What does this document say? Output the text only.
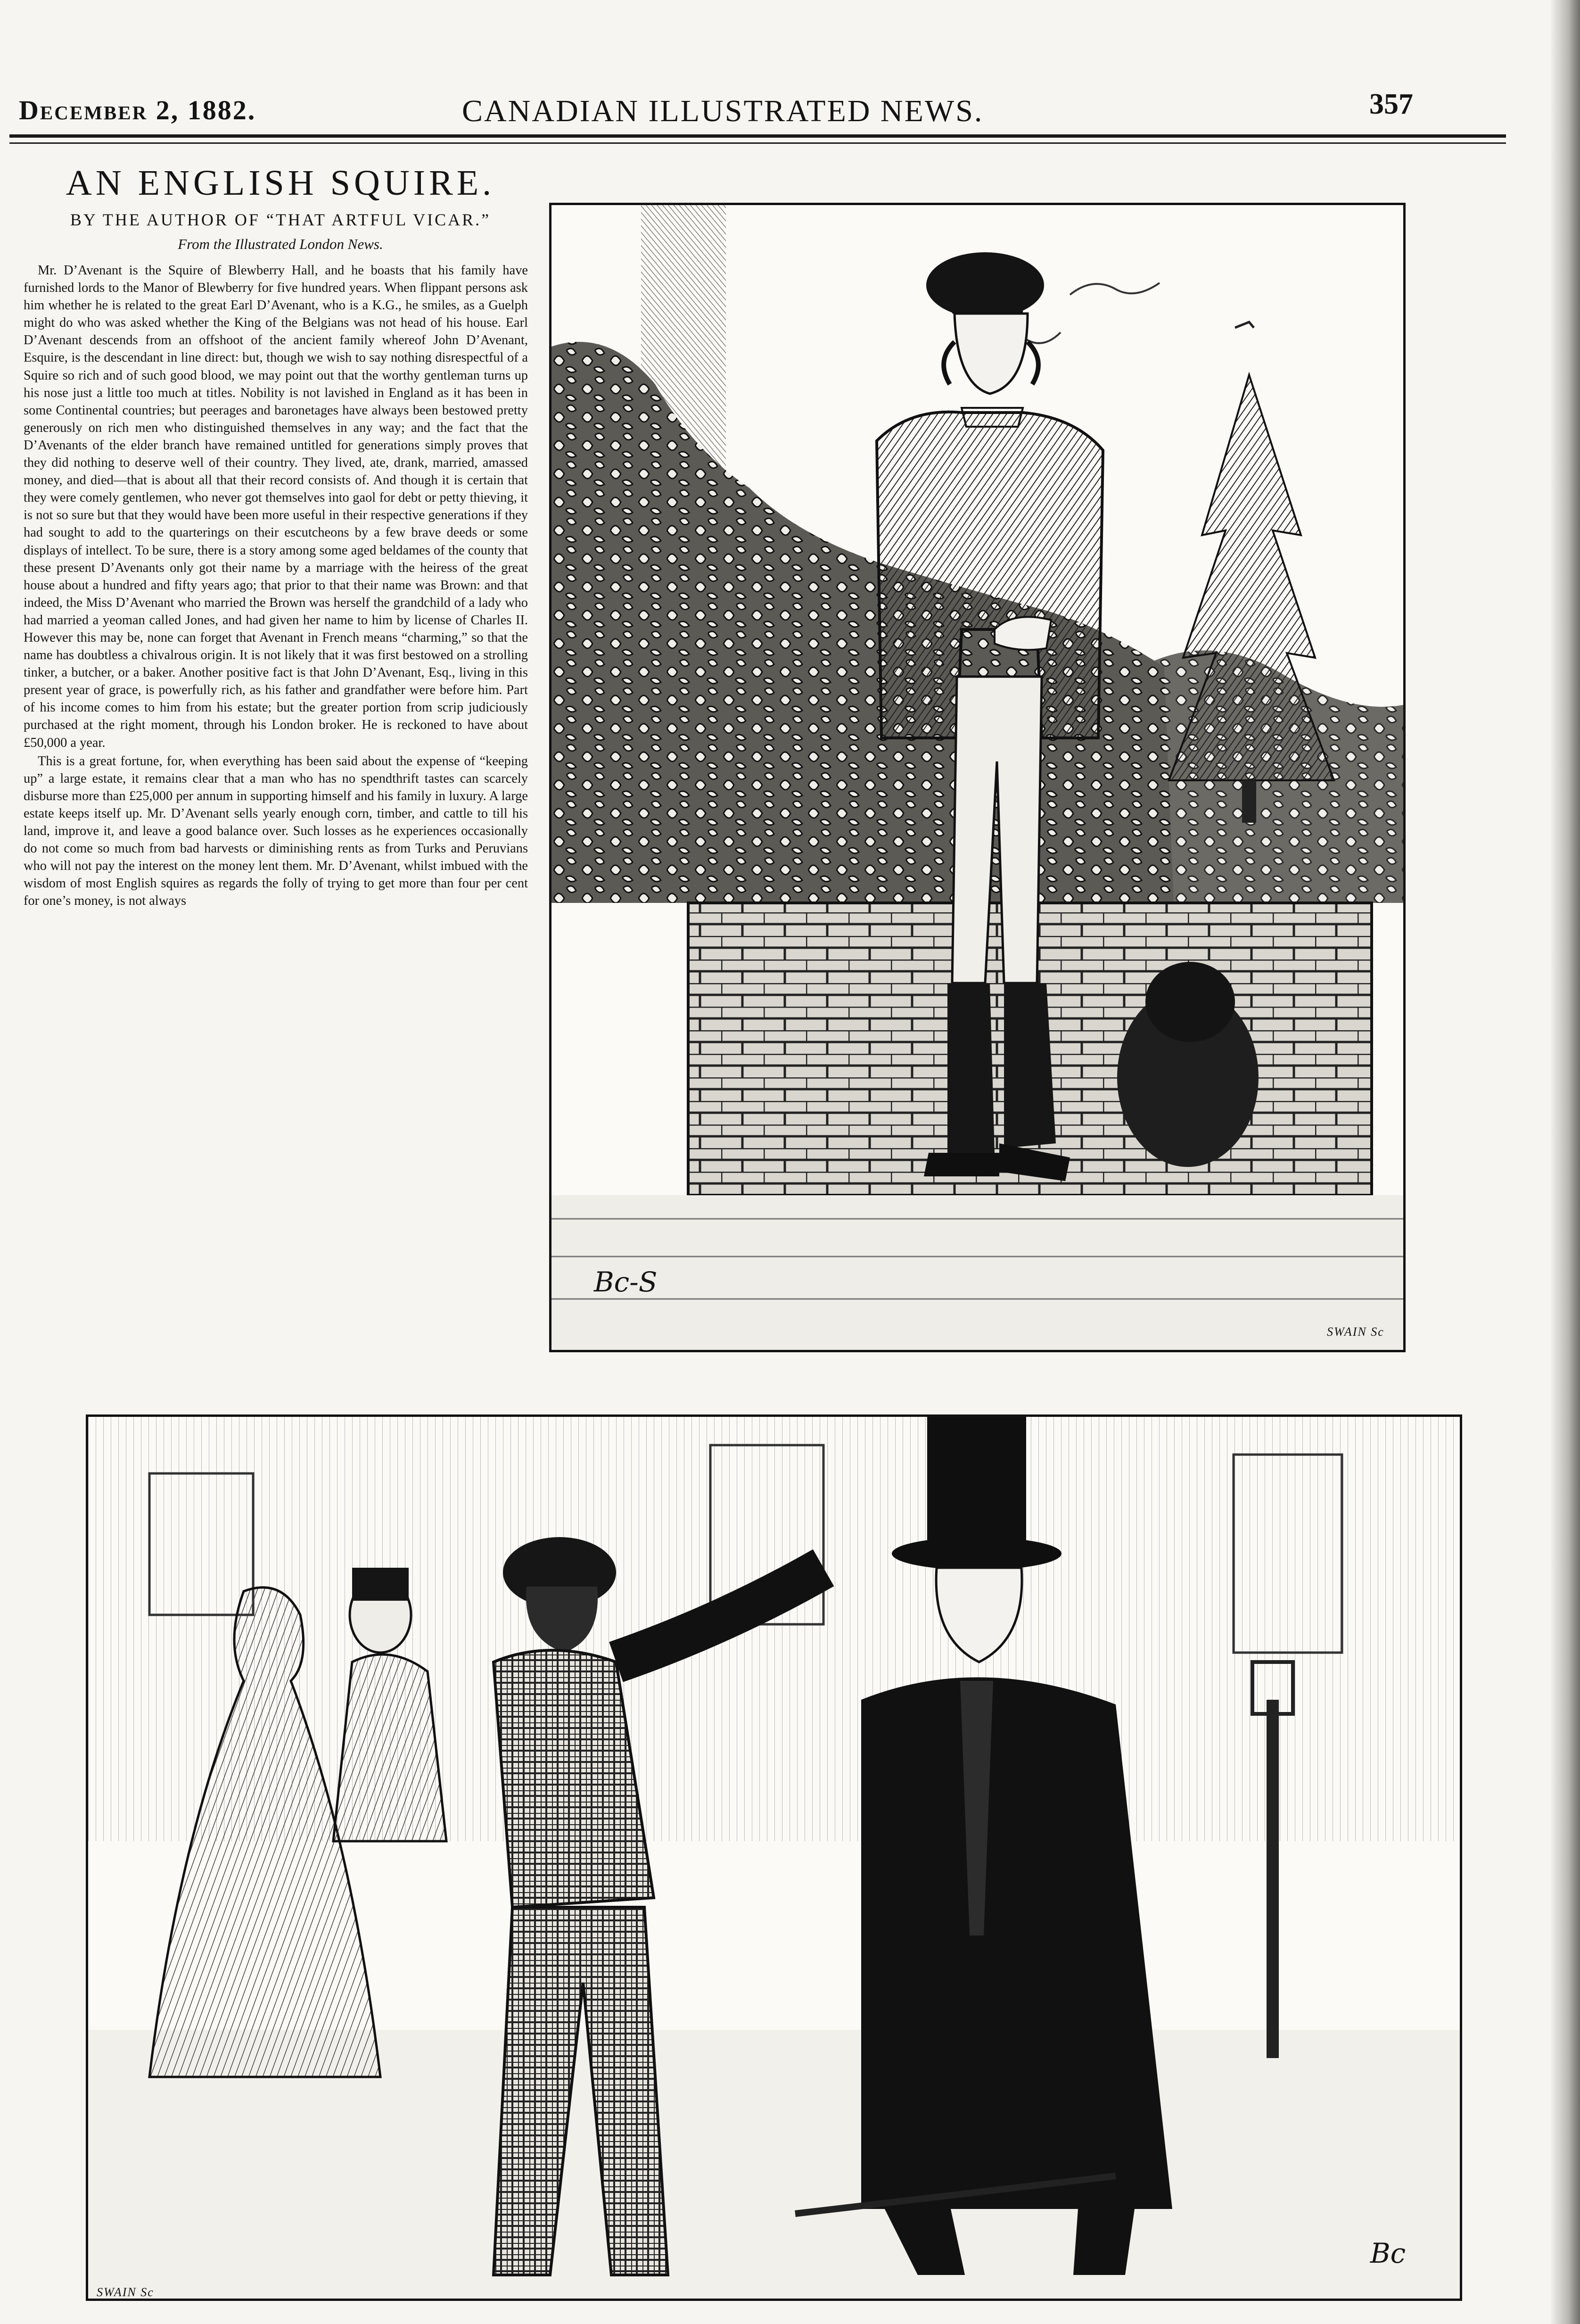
December 2, 1882.	CANADIAN ILLUSTRATED NEWS.	357
AN ENGLISH SQUIRE.
BY THE AUTHOR OF “THAT ARTFUL VICAR.”
From the Illustrated London News.

Mr. D’Avenant is the Squire of Blewberry Hall, and he boasts that his family have furnished lords to the Manor of Blewberry for five hundred years. When flippant persons ask him whether he is related to the great Earl D’Avenant, who is a K.G., he smiles, as a Guelph might do who was asked whether the King of the Belgians was not head of his house. Earl D’Avenant descends from an offshoot of the ancient family whereof John D’Avenant, Esquire, is the descendant in line direct: but, though we wish to say nothing disrespectful of a Squire so rich and of such good blood, we may point out that the worthy gentleman turns up his nose just a little too much at titles. Nobility is not lavished in England as it has been in some Continental countries; but peerages and baronetages have always been bestowed pretty generously on rich men who distinguished themselves in any way; and the fact that the D’Avenants of the elder branch have remained untitled for generations simply proves that they did nothing to deserve well of their country. They lived, ate, drank, married, amassed money, and died—that is about all that their record consists of. And though it is certain that they were comely gentlemen, who never got themselves into gaol for debt or petty thieving, it is not so sure but that they would have been more useful in their respective generations if they had sought to add to the quarterings on their escutcheons by a few brave deeds or some displays of intellect. To be sure, there is a story among some aged beldames of the county that these present D’Avenants only got their name by a marriage with the heiress of the great house about a hundred and fifty years ago; that prior to that their name was Brown: and that indeed, the Miss D’Avenant who married the Brown was herself the grandchild of a lady who had married a yeoman called Jones, and had given her name to him by license of Charles II. However this may be, none can forget that Avenant in French means “charming,” so that the name has doubtless a chivalrous origin. It is not likely that it was first bestowed on a strolling tinker, a butcher, or a baker. Another positive fact is that John D’Avenant, Esq., living in this present year of grace, is powerfully rich, as his father and grandfather were before him. Part of his income comes to him from his estate; but the greater portion from scrip judiciously purchased at the right moment, through his London broker. He is reckoned to have about £50,000 a year.

This is a great fortune, for, when everything has been said about the expense of “keeping up” a large estate, it remains clear that a man who has no spendthrift tastes can scarcely disburse more than £25,000 per annum in supporting himself and his family in luxury. A large estate keeps itself up. Mr. D’Avenant sells yearly enough corn, timber, and cattle to till his land, improve it, and leave a good balance over. Such losses as he experiences occasionally do not come so much from bad harvests or diminishing rents as from Turks and Peruvians who will not pay the interest on the money lent them. Mr. D’Avenant, whilst imbued with the wisdom of most English squires as regards the folly of trying to get more than four per cent for one’s money, is not always

SWAIN Sc
Bc-S
SWAIN Sc
Bc
